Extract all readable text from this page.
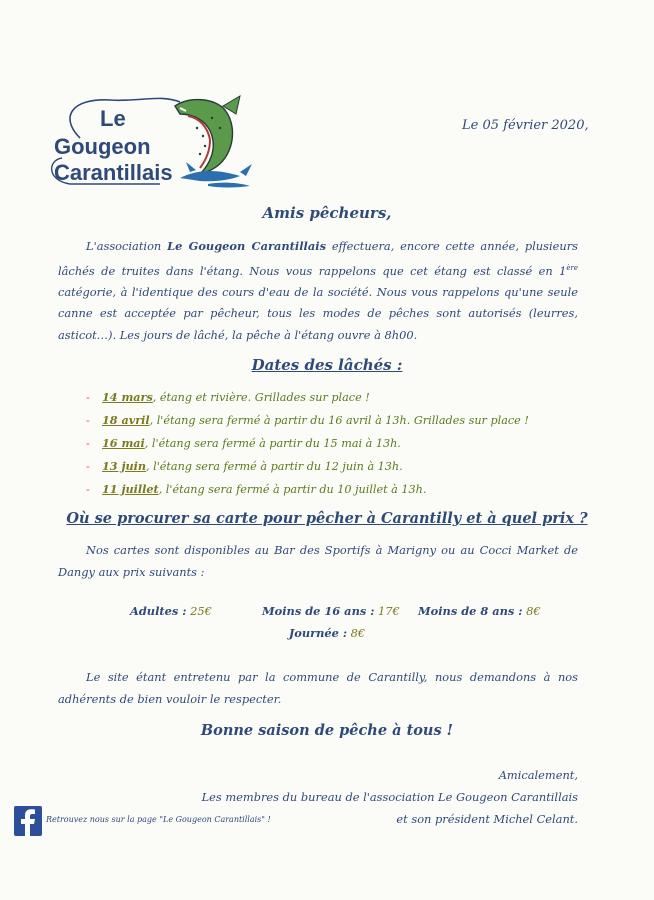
Le
Gougeon
Carantillais
Le 05 février 2020,
Amis pêcheurs,

L'association Le Gougeon Carantillais effectuera, encore cette année, plusieurs lâchés de truites dans l'étang. Nous vous rappelons que cet étang est classé en 1ère catégorie, à l'identique des cours d'eau de la société. Nous vous rappelons qu'une seule canne est acceptée par pêcheur, tous les modes de pêches sont autorisés (leurres, asticot…). Les jours de lâché, la pêche à l'étang ouvre à 8h00.

Dates des lâchés :
- 14 mars, étang et rivière. Grillades sur place !
- 18 avril, l'étang sera fermé à partir du 16 avril à 13h. Grillades sur place !
- 16 mai, l'étang sera fermé à partir du 15 mai à 13h.
- 13 juin, l'étang sera fermé à partir du 12 juin à 13h.
- 11 juillet, l'étang sera fermé à partir du 10 juillet à 13h.
Où se procurer sa carte pour pêcher à Carantilly et à quel prix ?

Nos cartes sont disponibles au Bar des Sportifs à Marigny ou au Cocci Market de Dangy aux prix suivants :

Adultes : 25€	Moins de 16 ans : 17€ Moins de 8 ans : 8€
Journée : 8€

Le site étant entretenu par la commune de Carantilly, nous demandons à nos adhérents de bien vouloir le respecter.

Bonne saison de pêche à tous !
Amicalement,
Les membres du bureau de l'association Le Gougeon Carantillais
et son président Michel Celant.
Retrouvez nous sur la page "Le Gougeon Carantillais" !
